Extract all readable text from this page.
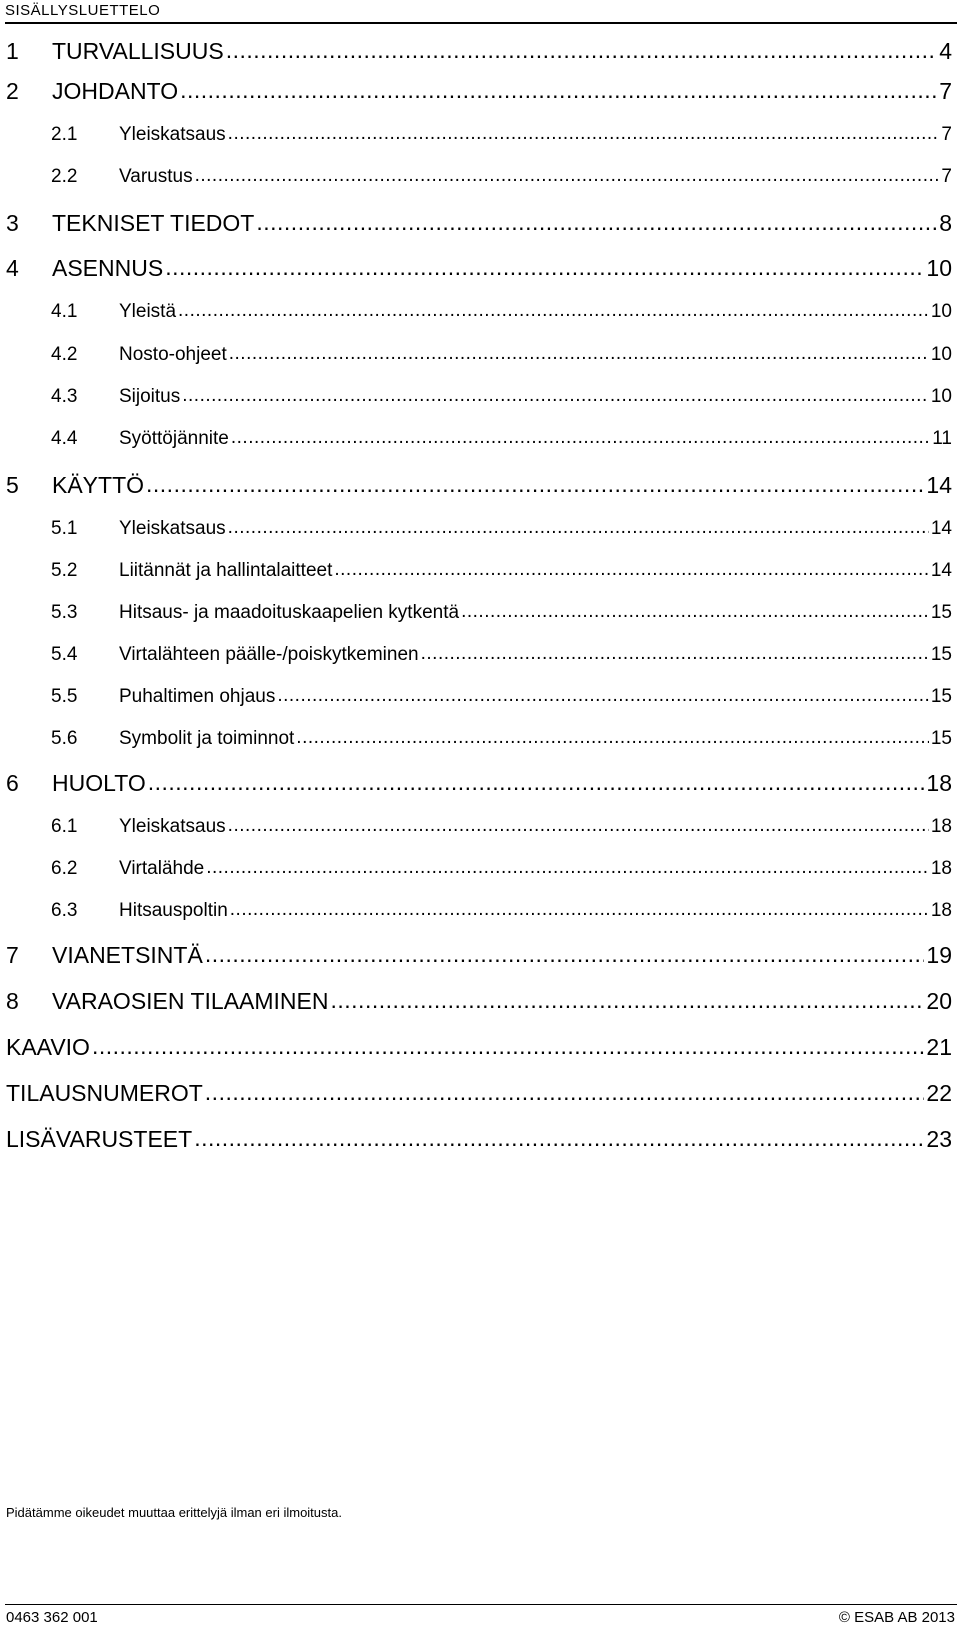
SISÄLLYSLUETTELO
1	TURVALLISUUS .....	4
2	JOHDANTO .....	7
2.1	Yleiskatsaus .....	7
2.2	Varustus .....	7
3	TEKNISET TIEDOT .....	8
4	ASENNUS .....	10
4.1	Yleistä .....	10
4.2	Nosto-ohjeet .....	10
4.3	Sijoitus .....	10
4.4	Syöttöjännite .....	11
5	KÄYTTÖ .....	14
5.1	Yleiskatsaus .....	14
5.2	Liitännät ja hallintalaitteet .....	14
5.3	Hitsaus- ja maadoituskaapelien kytkentä .....	15
5.4	Virtalähteen päälle-/poiskytkeminen .....	15
5.5	Puhaltimen ohjaus .....	15
5.6	Symbolit ja toiminnot .....	15
6	HUOLTO .....	18
6.1	Yleiskatsaus .....	18
6.2	Virtalähde .....	18
6.3	Hitsauspoltin .....	18
7	VIANETSINTÄ .....	19
8	VARAOSIEN TILAAMINEN .....	20
KAAVIO .....	21
TILAUSNUMEROT .....	22
LISÄVARUSTEET .....	23
Pidätämme oikeudet muuttaa erittelyjä ilman eri ilmoitusta.
0463 362 001	© ESAB AB 2013
